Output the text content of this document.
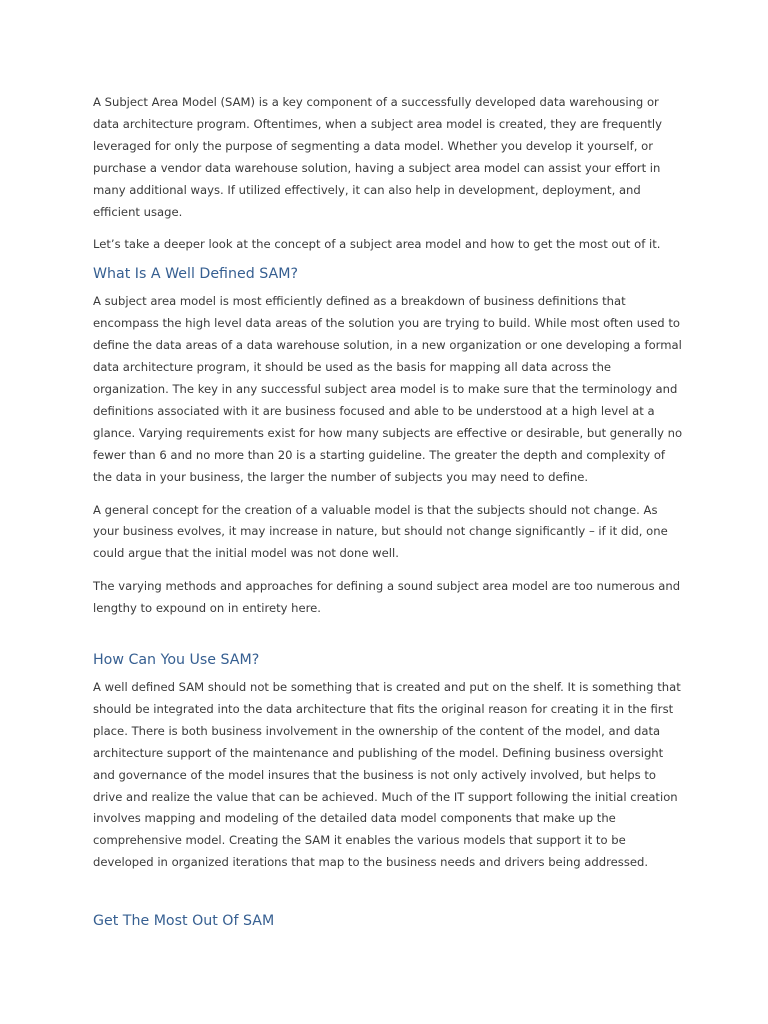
A Subject Area Model (SAM) is a key component of a successfully developed data warehousing or data architecture program. Oftentimes, when a subject area model is created, they are frequently leveraged for only the purpose of segmenting a data model. Whether you develop it yourself, or purchase a vendor data warehouse solution, having a subject area model can assist your effort in many additional ways. If utilized effectively, it can also help in development, deployment, and efficient usage.

Let’s take a deeper look at the concept of a subject area model and how to get the most out of it.

What Is A Well Defined SAM?

A subject area model is most efficiently defined as a breakdown of business definitions that encompass the high level data areas of the solution you are trying to build. While most often used to define the data areas of a data warehouse solution, in a new organization or one developing a formal data architecture program, it should be used as the basis for mapping all data across the organization. The key in any successful subject area model is to make sure that the terminology and definitions associated with it are business focused and able to be understood at a high level at a glance. Varying requirements exist for how many subjects are effective or desirable, but generally no fewer than 6 and no more than 20 is a starting guideline. The greater the depth and complexity of the data in your business, the larger the number of subjects you may need to define.

A general concept for the creation of a valuable model is that the subjects should not change. As your business evolves, it may increase in nature, but should not change significantly – if it did, one could argue that the initial model was not done well.

The varying methods and approaches for defining a sound subject area model are too numerous and lengthy to expound on in entirety here.

How Can You Use SAM?

A well defined SAM should not be something that is created and put on the shelf. It is something that should be integrated into the data architecture that fits the original reason for creating it in the first place. There is both business involvement in the ownership of the content of the model, and data architecture support of the maintenance and publishing of the model. Defining business oversight and governance of the model insures that the business is not only actively involved, but helps to drive and realize the value that can be achieved. Much of the IT support following the initial creation involves mapping and modeling of the detailed data model components that make up the comprehensive model. Creating the SAM it enables the various models that support it to be developed in organized iterations that map to the business needs and drivers being addressed.

Get The Most Out Of SAM
